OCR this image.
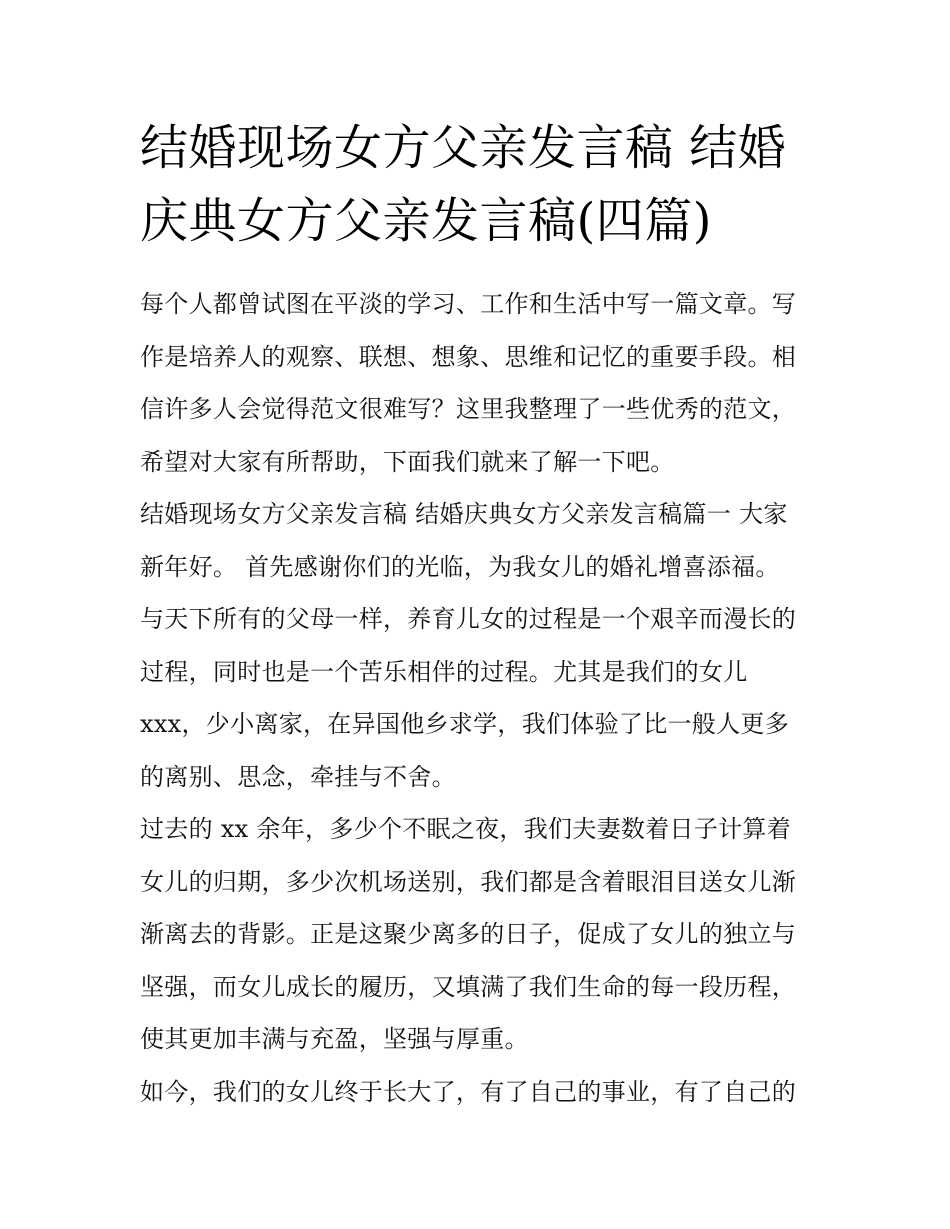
结婚现场女方父亲发言稿 结婚
庆典女方父亲发言稿(四篇)
每个人都曾试图在平淡的学习、工作和生活中写一篇文章。写
作是培养人的观察、联想、想象、思维和记忆的重要手段。相
信许多人会觉得范文很难写？这里我整理了一些优秀的范文，
希望对大家有所帮助，下面我们就来了解一下吧。
结婚现场女方父亲发言稿 结婚庆典女方父亲发言稿篇一 大家
新年好。 首先感谢你们的光临，为我女儿的婚礼增喜添福。
与天下所有的父母一样，养育儿女的过程是一个艰辛而漫长的
过程，同时也是一个苦乐相伴的过程。尤其是我们的女儿
xxx，少小离家，在异国他乡求学，我们体验了比一般人更多
的离别、思念，牵挂与不舍。
过去的 xx 余年，多少个不眠之夜，我们夫妻数着日子计算着
女儿的归期，多少次机场送别，我们都是含着眼泪目送女儿渐
渐离去的背影。正是这聚少离多的日子，促成了女儿的独立与
坚强，而女儿成长的履历，又填满了我们生命的每一段历程，
使其更加丰满与充盈，坚强与厚重。
如今，我们的女儿终于长大了，有了自己的事业，有了自己的
